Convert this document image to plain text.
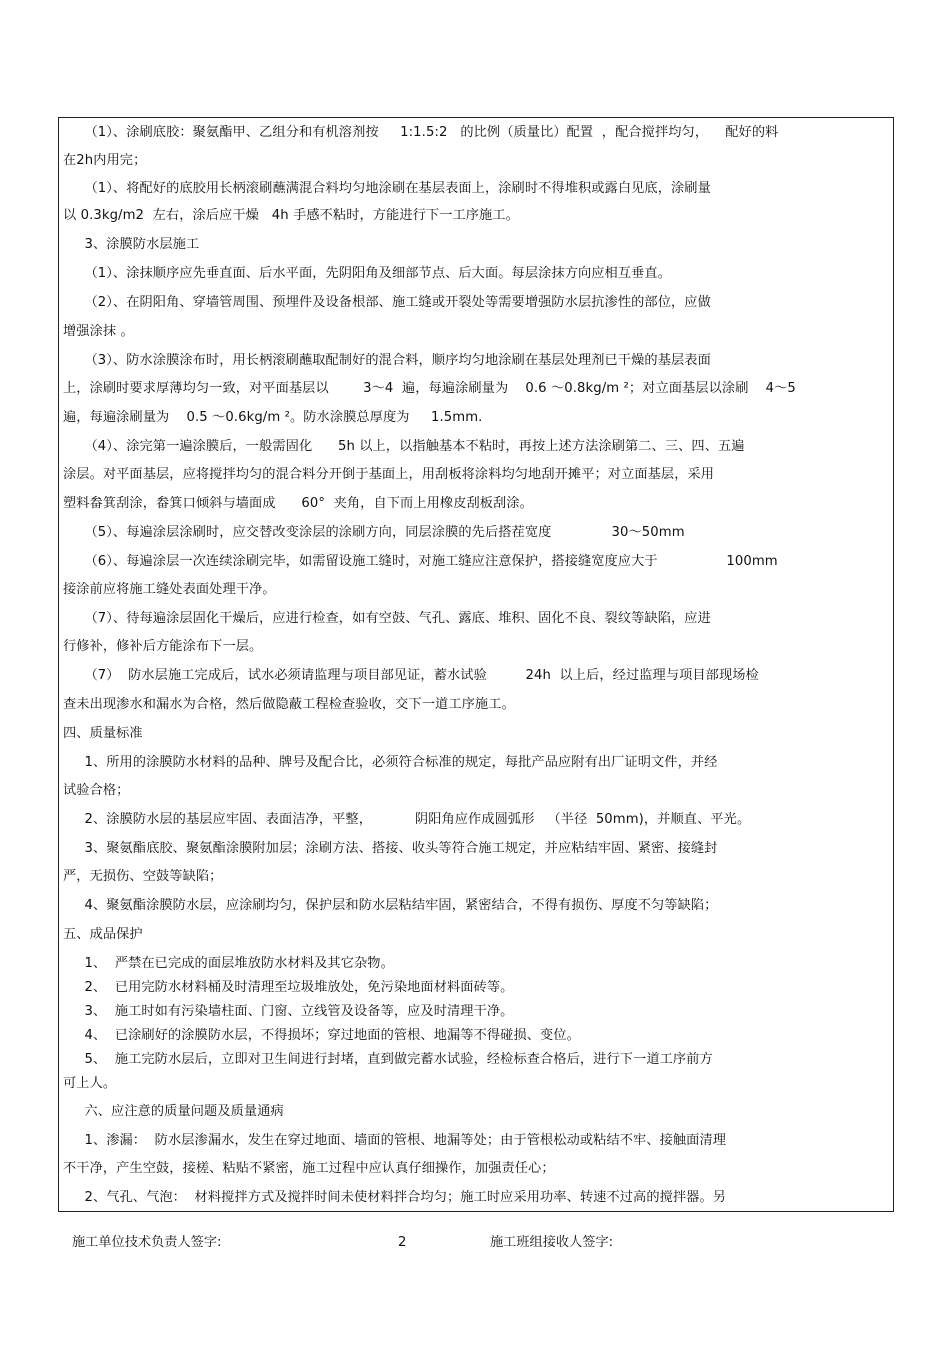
（1）、涂刷底胶：聚氨酯甲、乙组分和有机溶剂按     1:1.5:2   的比例（质量比）配置  ，配合搅拌均匀，    配好的料
在2h内用完；
（1）、将配好的底胶用长柄滚刷蘸满混合料均匀地涂刷在基层表面上，涂刷时不得堆积或露白见底，涂刷量
以 0.3kg/m2  左右，涂后应干燥   4h 手感不粘时，方能进行下一工序施工。
3、涂膜防水层施工
（1）、涂抹顺序应先垂直面、后水平面，先阴阳角及细部节点、后大面。每层涂抹方向应相互垂直。
（2）、在阴阳角、穿墙管周围、预埋件及设备根部、施工缝或开裂处等需要增强防水层抗渗性的部位，应做
增强涂抹 。
（3）、防水涂膜涂布时，用长柄滚刷蘸取配制好的混合料，顺序均匀地涂刷在基层处理剂已干燥的基层表面
上，涂刷时要求厚薄均匀一致，对平面基层以        3～4  遍，每遍涂刷量为    0.6 ～0.8kg/m ²；对立面基层以涂刷    4～5
遍，每遍涂刷量为    0.5 ～0.6kg/m ²。防水涂膜总厚度为     1.5mm.
（4）、涂完第一遍涂膜后，一般需固化      5h 以上，以指触基本不粘时，再按上述方法涂刷第二、三、四、五遍
涂层。对平面基层，应将搅拌均匀的混合料分开倒于基面上，用刮板将涂料均匀地刮开摊平；对立面基层，采用
塑料畚箕刮涂，畚箕口倾斜与墙面成      60°  夹角，自下而上用橡皮刮板刮涂。
（5）、每遍涂层涂刷时，应交替改变涂层的涂刷方向，同层涂膜的先后搭茬宽度              30～50mm
（6）、每遍涂层一次连续涂刷完毕，如需留设施工缝时，对施工缝应注意保护，搭接缝宽度应大于                100mm
接涂前应将施工缝处表面处理干净。
（7）、待每遍涂层固化干燥后，应进行检查，如有空鼓、气孔、露底、堆积、固化不良、裂纹等缺陷，应进
行修补，修补后方能涂布下一层。
（7）  防水层施工完成后，试水必须请监理与项目部见证，蓄水试验         24h  以上后，经过监理与项目部现场检
查未出现渗水和漏水为合格，然后做隐蔽工程检查验收，交下一道工序施工。
四、质量标准
1、所用的涂膜防水材料的品种、牌号及配合比，必须符合标准的规定，每批产品应附有出厂证明文件，并经
试验合格；
2、涂膜防水层的基层应牢固、表面洁净，平整，          阴阳角应作成圆弧形   （半径  50mm)，并顺直、平光。
3、聚氨酯底胶、聚氨酯涂膜附加层；涂刷方法、搭接、收头等符合施工规定，并应粘结牢固、紧密、接缝封
严，无损伤、空鼓等缺陷；
4、聚氨酯涂膜防水层，应涂刷均匀，保护层和防水层粘结牢固，紧密结合，不得有损伤、厚度不匀等缺陷；
五、成品保护
1、  严禁在已完成的面层堆放防水材料及其它杂物。
2、  已用完防水材料桶及时清理至垃圾堆放处，免污染地面材料面砖等。
3、  施工时如有污染墙柱面、门窗、立线管及设备等，应及时清理干净。
4、  已涂刷好的涂膜防水层，不得损坏；穿过地面的管根、地漏等不得碰损、变位。
5、  施工完防水层后，立即对卫生间进行封堵，直到做完蓄水试验，经检标查合格后，进行下一道工序前方
可上人。
六、应注意的质量问题及质量通病
1、渗漏：  防水层渗漏水，发生在穿过地面、墙面的管根、地漏等处；由于管根松动或粘结不牢、接触面清理
不干净，产生空鼓，接槎、粘贴不紧密，施工过程中应认真仔细操作，加强责任心；
2、气孔、气泡：  材料搅拌方式及搅拌时间未使材料拌合均匀；施工时应采用功率、转速不过高的搅拌器。另
施工单位技术负责人签字:	2	施工班组接收人签字:
